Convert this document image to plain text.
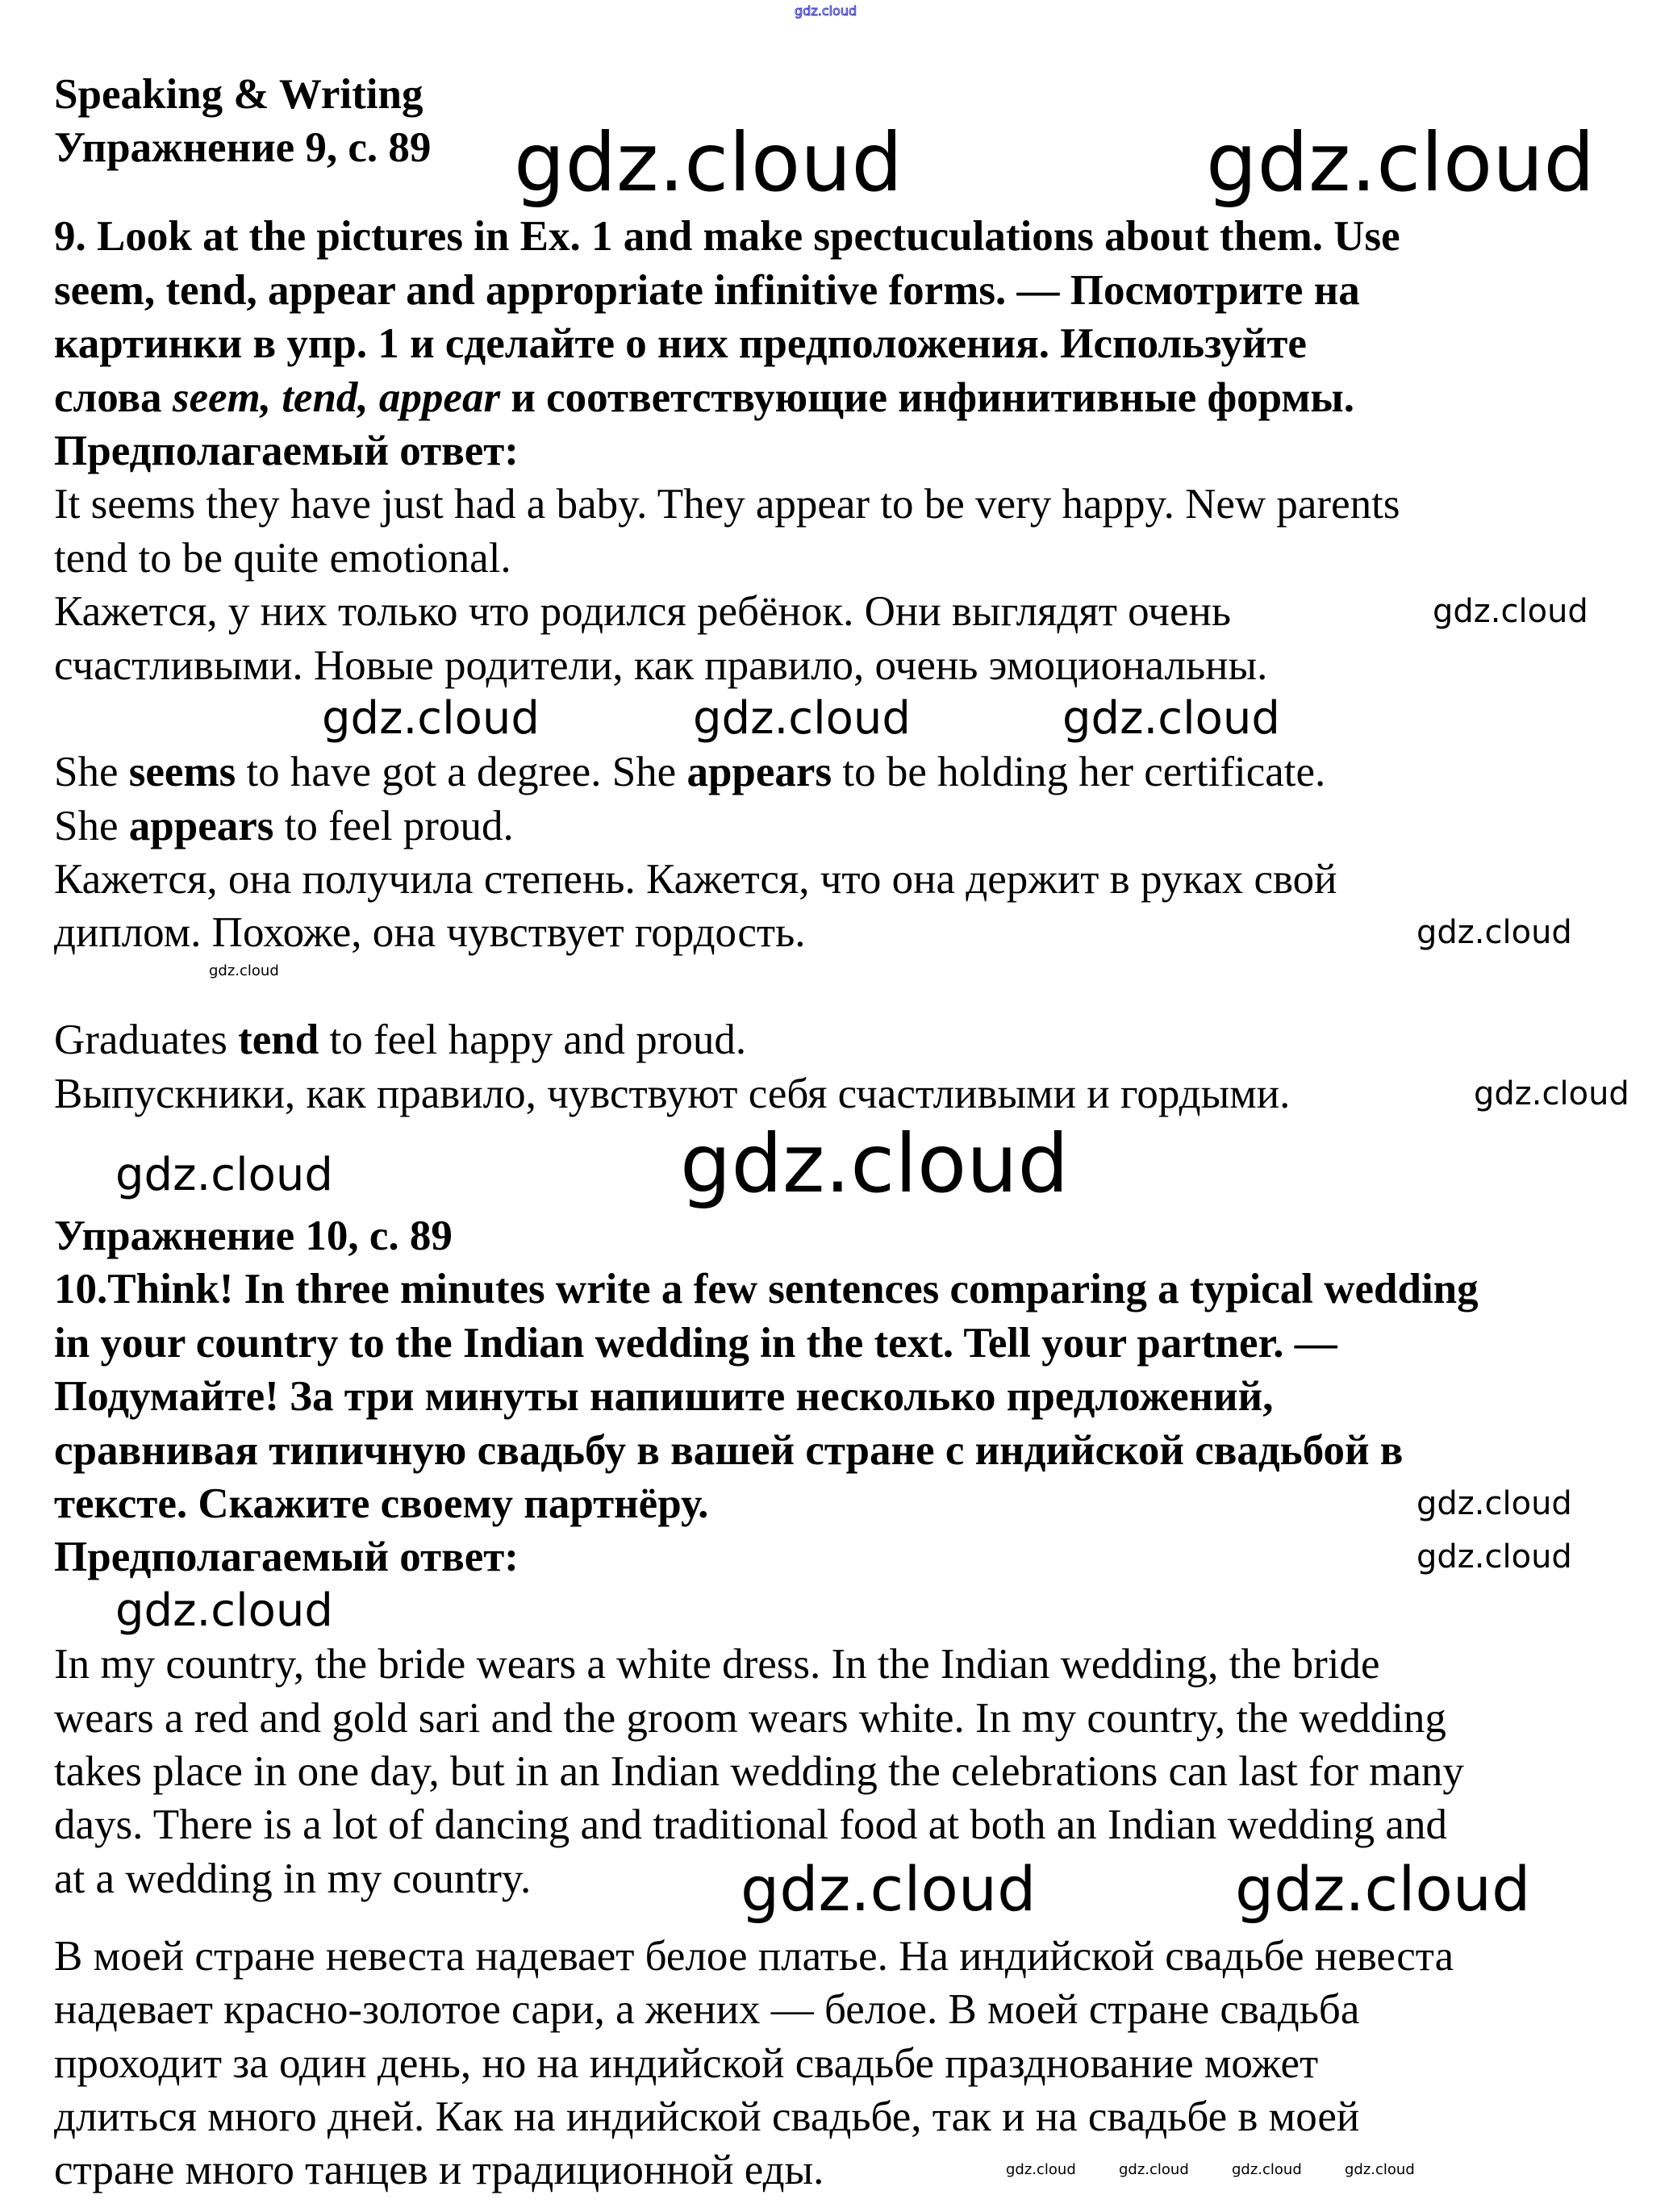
Speaking & Writing
Упражнение 9, с. 89 gdz.cloud	gdz.cloud
9. Look at the pictures in Ex. 1 and make spectuculations about them. Use
seem, tend, appear and appropriate infinitive forms. — Посмотрите на
картинки в упр. 1 и сделайте о них предположения. Используйте
слова seem, tend, appear и соответствующие инфинитивные формы.
Предполагаемый ответ:
It seems they have just had a baby. They appear to be very happy. New parents
tend to be quite emotional.
Кажется, у них только что родился ребёнок. Они выглядят очень	gdz.cloud
счастливыми. Новые родители, как правило, очень эмоциональны.

gdz.cloud	gdz.cloud	gdz.cloud
She seems to have got a degree. She appears to be holding her certificate.
She appears to feel proud.
Кажется, она получила степень. Кажется, что она держит в руках свой
диплом. Похоже, она чувствует гордость.	gdz.cloud

gdz.cloud
Graduates tend to feel happy and proud.
Выпускники, как правило, чувствуют себя счастливыми и гордыми.	gdz.cloud

gdz.cloud
gdz.cloud
Упражнение 10, с. 89
10.Think! In three minutes write a few sentences comparing a typical wedding
in your country to the Indian wedding in the text. Tell your partner. —
Подумайте! За три минуты напишите несколько предложений,
сравнивая типичную свадьбу в вашей стране с индийской свадьбой в
тексте. Скажите своему партнёру.	gdz.cloud
Предполагаемый ответ:	gdz.cloud

gdz.cloud
In my country, the bride wears a white dress. In the Indian wedding, the bride
wears a red and gold sari and the groom wears white. In my country, the wedding
takes place in one day, but in an Indian wedding the celebrations can last for many
days. There is a lot of dancing and traditional food at both an Indian wedding and
at a wedding in my country.	gdz.cloud	gdz.cloud
В моей стране невеста надевает белое платье. На индийской свадьбе невеста
надевает красно-золотое сари, а жених — белое. В моей стране свадьба
проходит за один день, но на индийской свадьбе празднование может
длиться много дней. Как на индийской свадьбе, так и на свадьбе в моей
стране много танцев и традиционной еды.	gdz.cloud	gdz.cloud	gdz.cloud	gdz.cloud
gdz.cloud
